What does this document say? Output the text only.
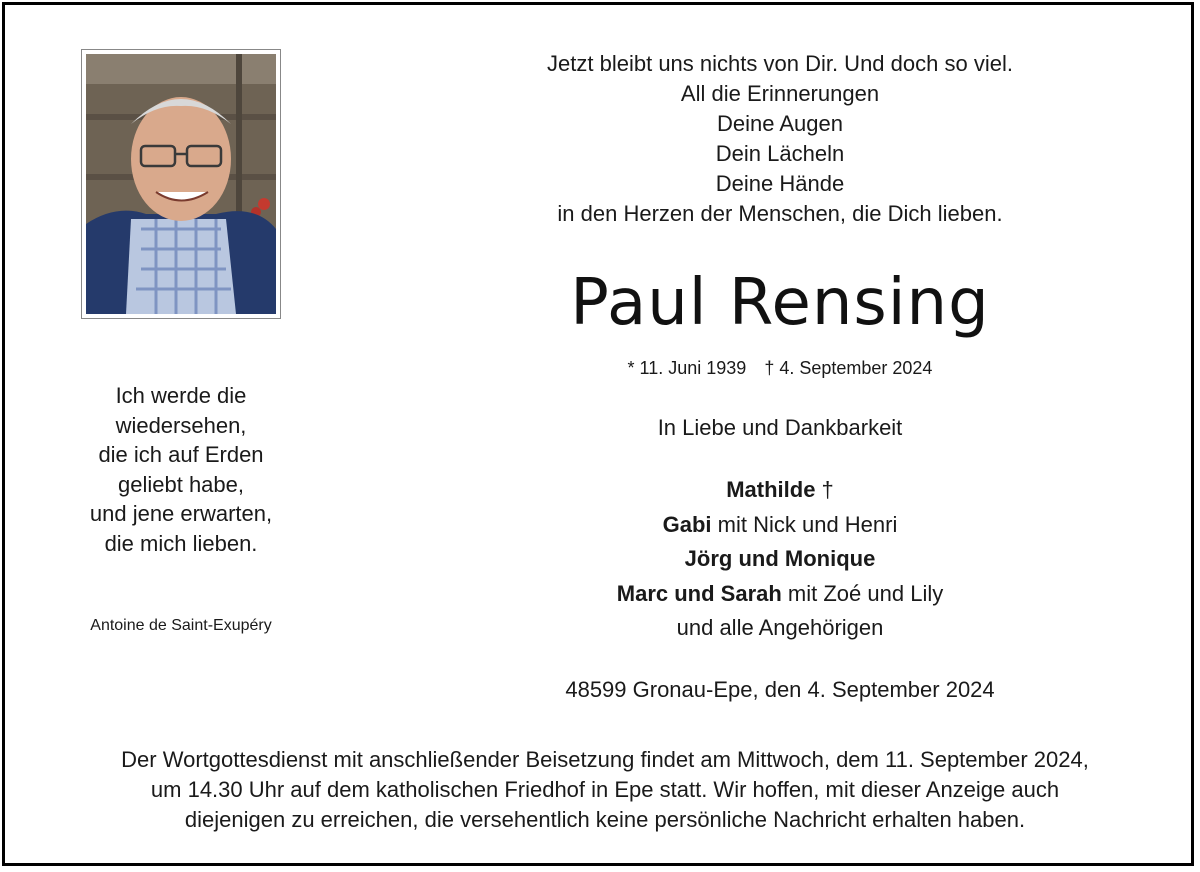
Jetzt bleibt uns nichts von Dir. Und doch so viel.
All die Erinnerungen
Deine Augen
Dein Lächeln
Deine Hände
in den Herzen der Menschen, die Dich lieben.
Paul Rensing
* 11. Juni 1939 † 4. September 2024
In Liebe und Dankbarkeit
Mathilde †
Gabi mit Nick und Henri
Jörg und Monique
Marc und Sarah mit Zoé und Lily
und alle Angehörigen
48599 Gronau-Epe, den 4. September 2024
Ich werde die
wiedersehen,
die ich auf Erden
geliebt habe,
und jene erwarten,
die mich lieben.
Antoine de Saint-Exupéry
Der Wortgottesdienst mit anschließender Beisetzung findet am Mittwoch, dem 11. September 2024,
um 14.30 Uhr auf dem katholischen Friedhof in Epe statt. Wir hoffen, mit dieser Anzeige auch
diejenigen zu erreichen, die versehentlich keine persönliche Nachricht erhalten haben.
